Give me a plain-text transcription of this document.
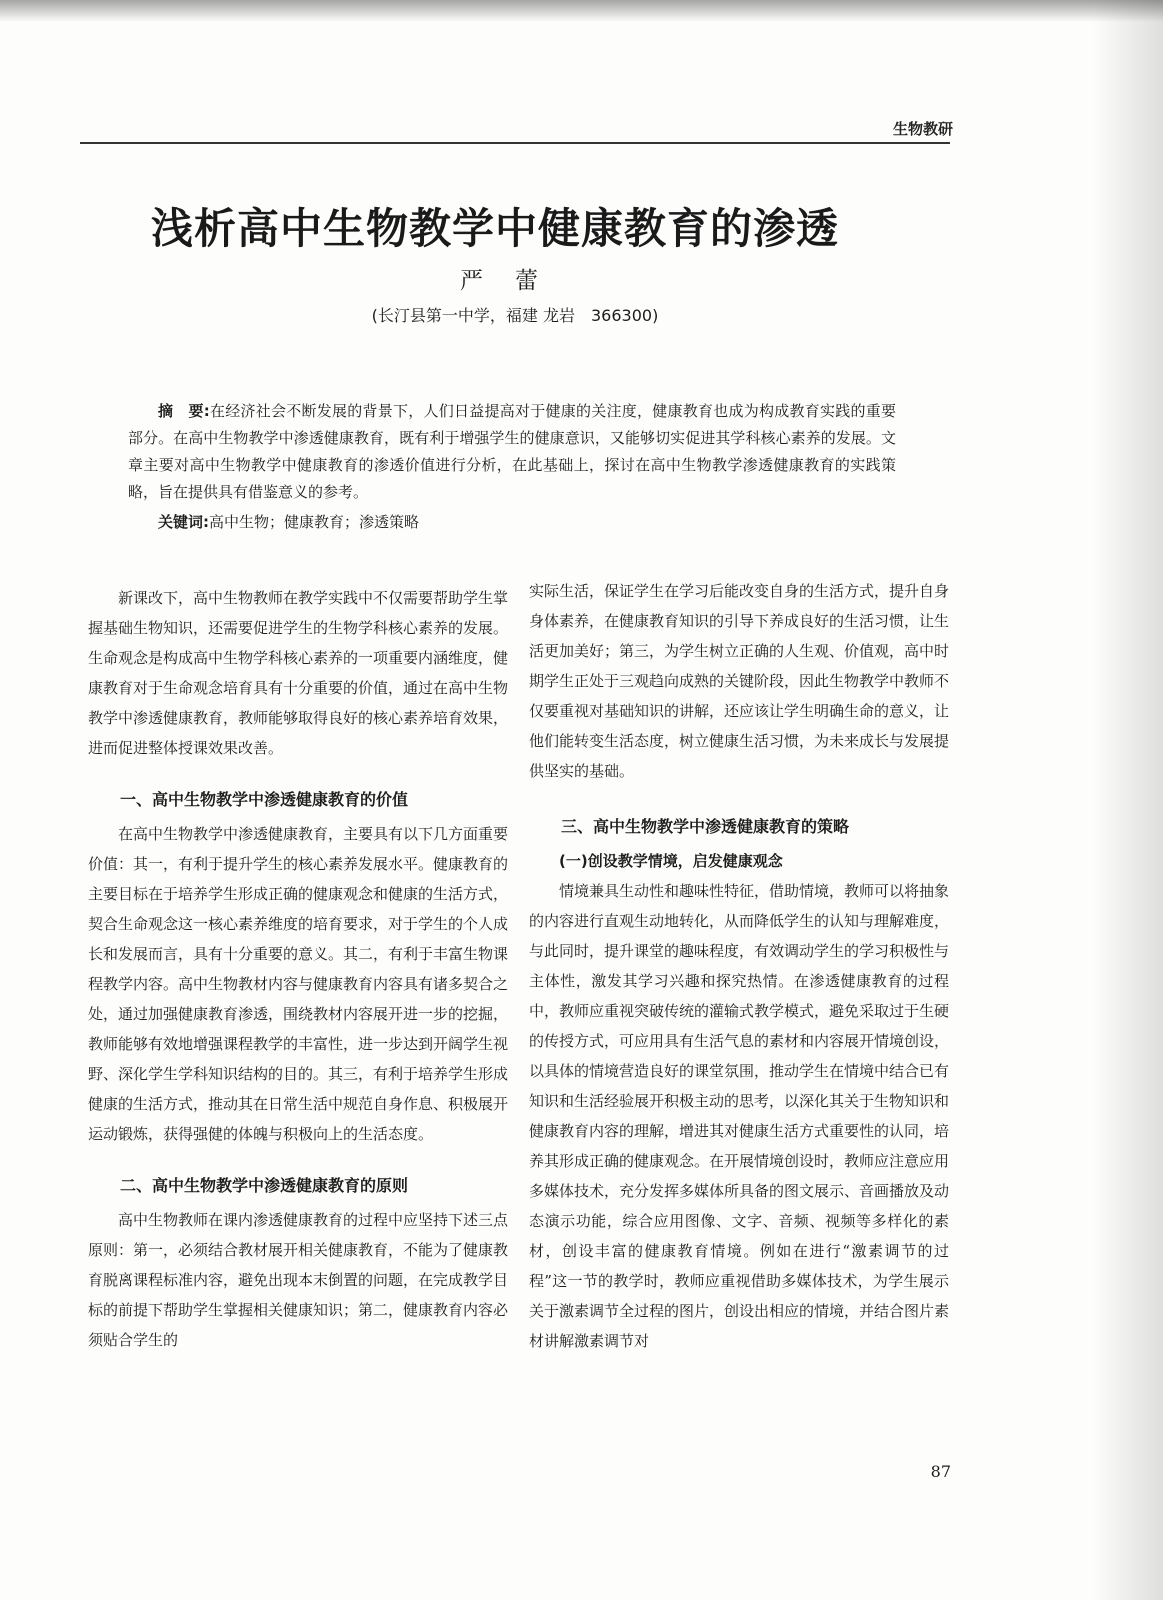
生物教研
浅析高中生物教学中健康教育的渗透
严蕾
(长汀县第一中学，福建 龙岩　366300)
摘　要:在经济社会不断发展的背景下，人们日益提高对于健康的关注度，健康教育也成为构成教育实践的重要部分。在高中生物教学中渗透健康教育，既有利于增强学生的健康意识，又能够切实促进其学科核心素养的发展。文章主要对高中生物教学中健康教育的渗透价值进行分析，在此基础上，探讨在高中生物教学渗透健康教育的实践策略，旨在提供具有借鉴意义的参考。
关键词:高中生物；健康教育；渗透策略

新课改下，高中生物教师在教学实践中不仅需要帮助学生掌握基础生物知识，还需要促进学生的生物学科核心素养的发展。生命观念是构成高中生物学科核心素养的一项重要内涵维度，健康教育对于生命观念培育具有十分重要的价值，通过在高中生物教学中渗透健康教育，教师能够取得良好的核心素养培育效果，进而促进整体授课效果改善。

一、高中生物教学中渗透健康教育的价值

在高中生物教学中渗透健康教育，主要具有以下几方面重要价值：其一，有利于提升学生的核心素养发展水平。健康教育的主要目标在于培养学生形成正确的健康观念和健康的生活方式，契合生命观念这一核心素养维度的培育要求，对于学生的个人成长和发展而言，具有十分重要的意义。其二，有利于丰富生物课程教学内容。高中生物教材内容与健康教育内容具有诸多契合之处，通过加强健康教育渗透，围绕教材内容展开进一步的挖掘，教师能够有效地增强课程教学的丰富性，进一步达到开阔学生视野、深化学生学科知识结构的目的。其三，有利于培养学生形成健康的生活方式，推动其在日常生活中规范自身作息、积极展开运动锻炼，获得强健的体魄与积极向上的生活态度。

二、高中生物教学中渗透健康教育的原则

高中生物教师在课内渗透健康教育的过程中应坚持下述三点原则：第一，必须结合教材展开相关健康教育，不能为了健康教育脱离课程标准内容，避免出现本末倒置的问题，在完成教学目标的前提下帮助学生掌握相关健康知识；第二，健康教育内容必须贴合学生的

实际生活，保证学生在学习后能改变自身的生活方式，提升自身身体素养，在健康教育知识的引导下养成良好的生活习惯，让生活更加美好；第三，为学生树立正确的人生观、价值观，高中时期学生正处于三观趋向成熟的关键阶段，因此生物教学中教师不仅要重视对基础知识的讲解，还应该让学生明确生命的意义，让他们能转变生活态度，树立健康生活习惯，为未来成长与发展提供坚实的基础。

三、高中生物教学中渗透健康教育的策略
(一)创设教学情境，启发健康观念

情境兼具生动性和趣味性特征，借助情境，教师可以将抽象的内容进行直观生动地转化，从而降低学生的认知与理解难度，与此同时，提升课堂的趣味程度，有效调动学生的学习积极性与主体性，激发其学习兴趣和探究热情。在渗透健康教育的过程中，教师应重视突破传统的灌输式教学模式，避免采取过于生硬的传授方式，可应用具有生活气息的素材和内容展开情境创设，以具体的情境营造良好的课堂氛围，推动学生在情境中结合已有知识和生活经验展开积极主动的思考，以深化其关于生物知识和健康教育内容的理解，增进其对健康生活方式重要性的认同，培养其形成正确的健康观念。在开展情境创设时，教师应注意应用多媒体技术，充分发挥多媒体所具备的图文展示、音画播放及动态演示功能，综合应用图像、文字、音频、视频等多样化的素材，创设丰富的健康教育情境。例如在进行“激素调节的过程”这一节的教学时，教师应重视借助多媒体技术，为学生展示关于激素调节全过程的图片，创设出相应的情境，并结合图片素材讲解激素调节对

87
